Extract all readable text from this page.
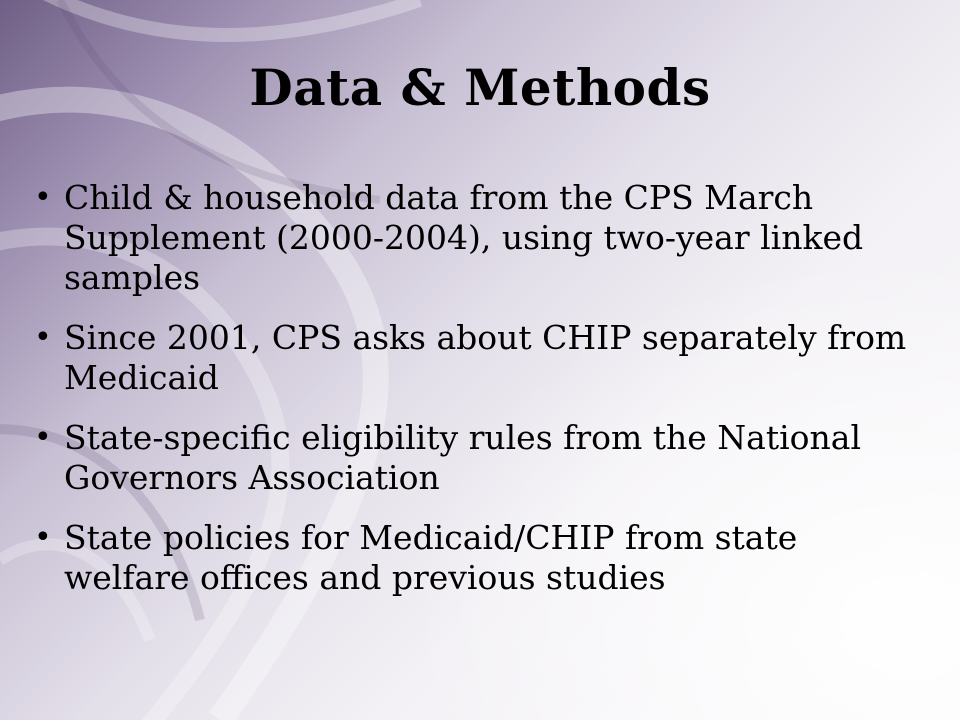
Data & Methods
• Child & household data from the CPS March Supplement (2000-2004), using two-year linked samples
• Since 2001, CPS asks about CHIP separately from Medicaid
• State-specific eligibility rules from the National Governors Association
• State policies for Medicaid/CHIP from state welfare offices and previous studies
